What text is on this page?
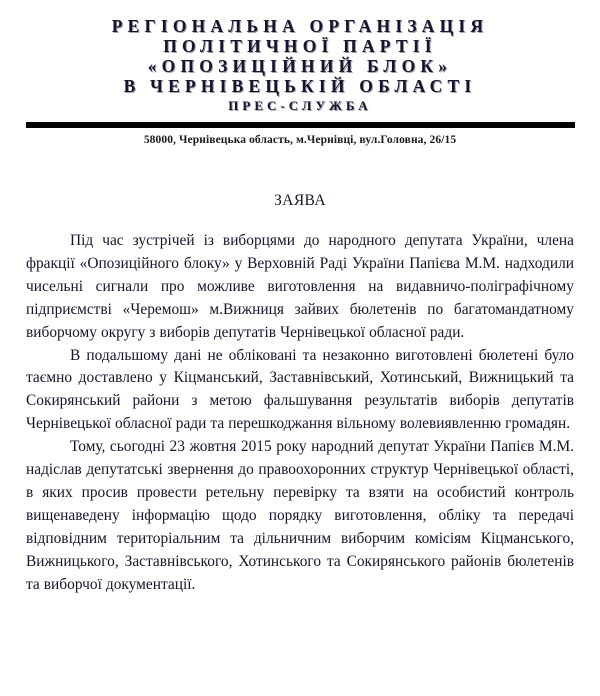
РЕГІОНАЛЬНА ОРГАНІЗАЦІЯ
ПОЛІТИЧНОЇ ПАРТІЇ
«ОПОЗИЦІЙНИЙ БЛОК»
В ЧЕРНІВЕЦЬКІЙ ОБЛАСТІ
ПРЕС-СЛУЖБА
58000, Чернівецька область, м.Чернівці, вул.Головна, 26/15
ЗАЯВА

Під час зустрічей із виборцями до народного депутата України, члена фракції «Опозиційного блоку» у Верховній Раді України Папієва М.М. надходили чисельні сигнали про можливе виготовлення на видавничо-поліграфічному підприємстві «Черемош» м.Вижниця зайвих бюлетенів по багатомандатному виборчому округу з виборів депутатів Чернівецької обласної ради.

В подальшому дані не обліковані та незаконно виготовлені бюлетені було таємно доставлено у Кіцманський, Заставнівський, Хотинський, Вижницький та Сокирянський райони з метою фальшування результатів виборів депутатів Чернівецької обласної ради та перешкоджання вільному волевиявленню громадян.

Тому, сьогодні 23 жовтня 2015 року народний депутат України Папієв М.М. надіслав депутатські звернення до правоохоронних структур Чернівецької області, в яких просив провести ретельну перевірку та взяти на особистий контроль вищенаведену інформацію щодо порядку виготовлення, обліку та передачі відповідним територіальним та дільничним виборчим комісіям Кіцманського, Вижницького, Заставнівського, Хотинського та Сокирянського районів бюлетенів та виборчої документації.
